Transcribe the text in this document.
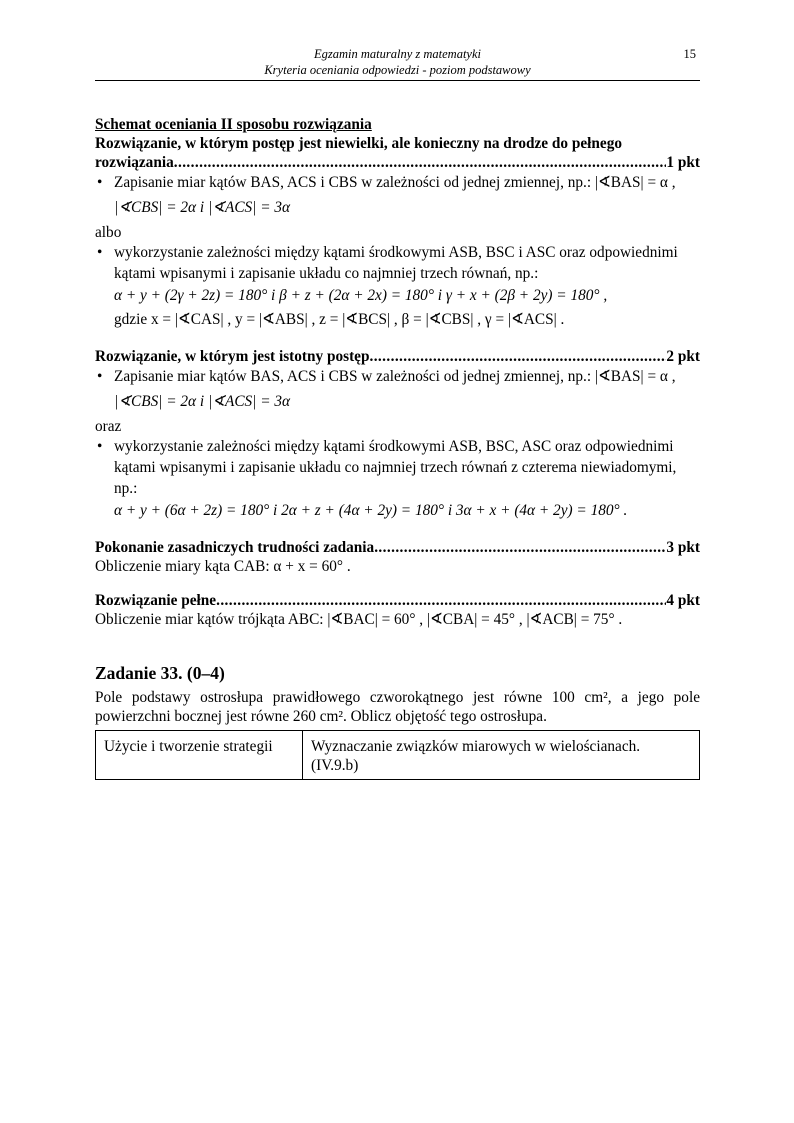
Egzamin maturalny z matematyki
Kryteria oceniania odpowiedzi - poziom podstawowy
15
Schemat oceniania II sposobu rozwiązania
Rozwiązanie, w którym postęp jest niewielki, ale konieczny na drodze do pełnego
rozwiązania .....	1 pkt
• Zapisanie miar kątów BAS, ACS i CBS w zależności od jednej zmiennej, np.: |∢BAS| = α ,
|∢CBS| = 2α i |∢ACS| = 3α
albo
• wykorzystanie zależności między kątami środkowymi ASB, BSC i ASC oraz odpowiednimi kątami wpisanymi i zapisanie układu co najmniej trzech równań, np.:
α + y + (2γ + 2z) = 180° i β + z + (2α + 2x) = 180° i γ + x + (2β + 2y) = 180° ,
gdzie x = |∢CAS| , y = |∢ABS| , z = |∢BCS| , β = |∢CBS| , γ = |∢ACS| .
Rozwiązanie, w którym jest istotny postęp .....	2 pkt
• Zapisanie miar kątów BAS, ACS i CBS w zależności od jednej zmiennej, np.: |∢BAS| = α ,
|∢CBS| = 2α i |∢ACS| = 3α
oraz
• wykorzystanie zależności między kątami środkowymi ASB, BSC, ASC oraz odpowiednimi kątami wpisanymi i zapisanie układu co najmniej trzech równań z czterema niewiadomymi, np.:
α + y + (6α + 2z) = 180° i 2α + z + (4α + 2y) = 180° i 3α + x + (4α + 2y) = 180° .
Pokonanie zasadniczych trudności zadania .....	3 pkt
Obliczenie miary kąta CAB: α + x = 60° .
Rozwiązanie pełne .....	4 pkt
Obliczenie miar kątów trójkąta ABC: |∢BAC| = 60° , |∢CBA| = 45° , |∢ACB| = 75° .
Zadanie 33. (0–4)
Pole podstawy ostrosłupa prawidłowego czworokątnego jest równe 100 cm², a jego pole powierzchni bocznej jest równe 260 cm². Oblicz objętość tego ostrosłupa.
Użycie i tworzenie strategii	Wyznaczanie związków miarowych w wielościanach.
(IV.9.b)
